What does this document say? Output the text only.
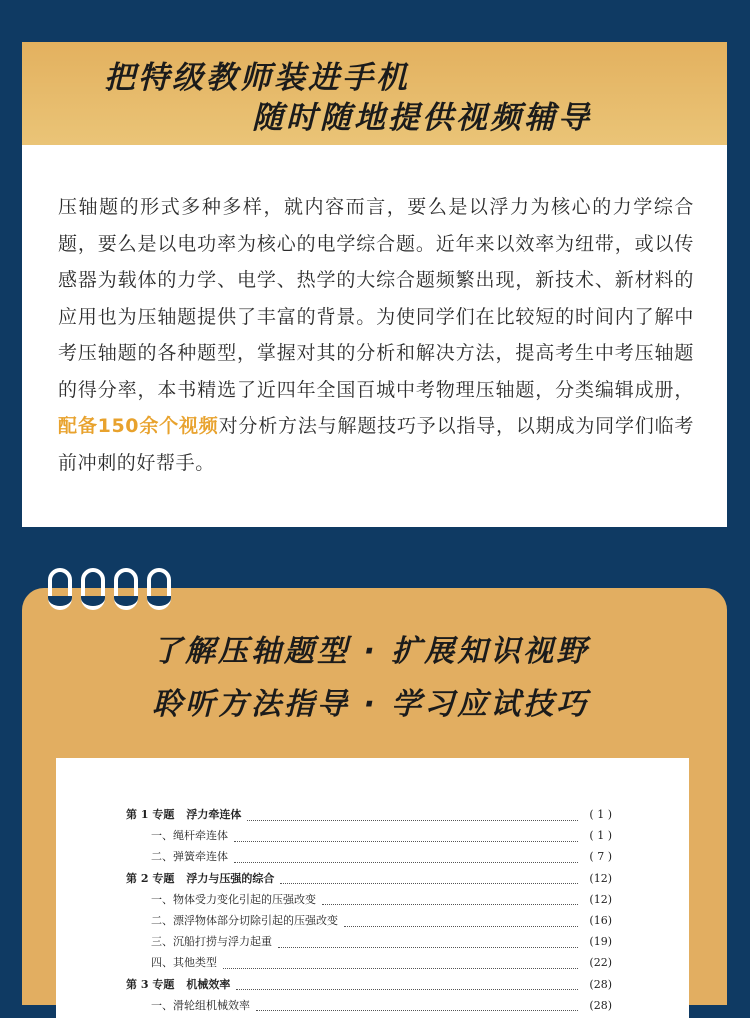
把特级教师装进手机
随时随地提供视频辅导

压轴题的形式多种多样，就内容而言，要么是以浮力为核心的力学综合题，要么是以电功率为核心的电学综合题。近年来以效率为纽带，或以传感器为载体的力学、电学、热学的大综合题频繁出现，新技术、新材料的应用也为压轴题提供了丰富的背景。为使同学们在比较短的时间内了解中考压轴题的各种题型，掌握对其的分析和解决方法，提高考生中考压轴题的得分率，本书精选了近四年全国百城中考物理压轴题，分类编辑成册，配备150余个视频对分析方法与解题技巧予以指导，以期成为同学们临考前冲刺的好帮手。

了解压轴题型 · 扩展知识视野
聆听方法指导 · 学习应试技巧
第 1 专题 浮力牵连体	( 1 )
一、绳杆牵连体	( 1 )
二、弹簧牵连体	( 7 )
第 2 专题 浮力与压强的综合	(12)
一、物体受力变化引起的压强改变	(12)
二、漂浮物体部分切除引起的压强改变	(16)
三、沉船打捞与浮力起重	(19)
四、其他类型	(22)
第 3 专题 机械效率	(28)
一、滑轮组机械效率	(28)
